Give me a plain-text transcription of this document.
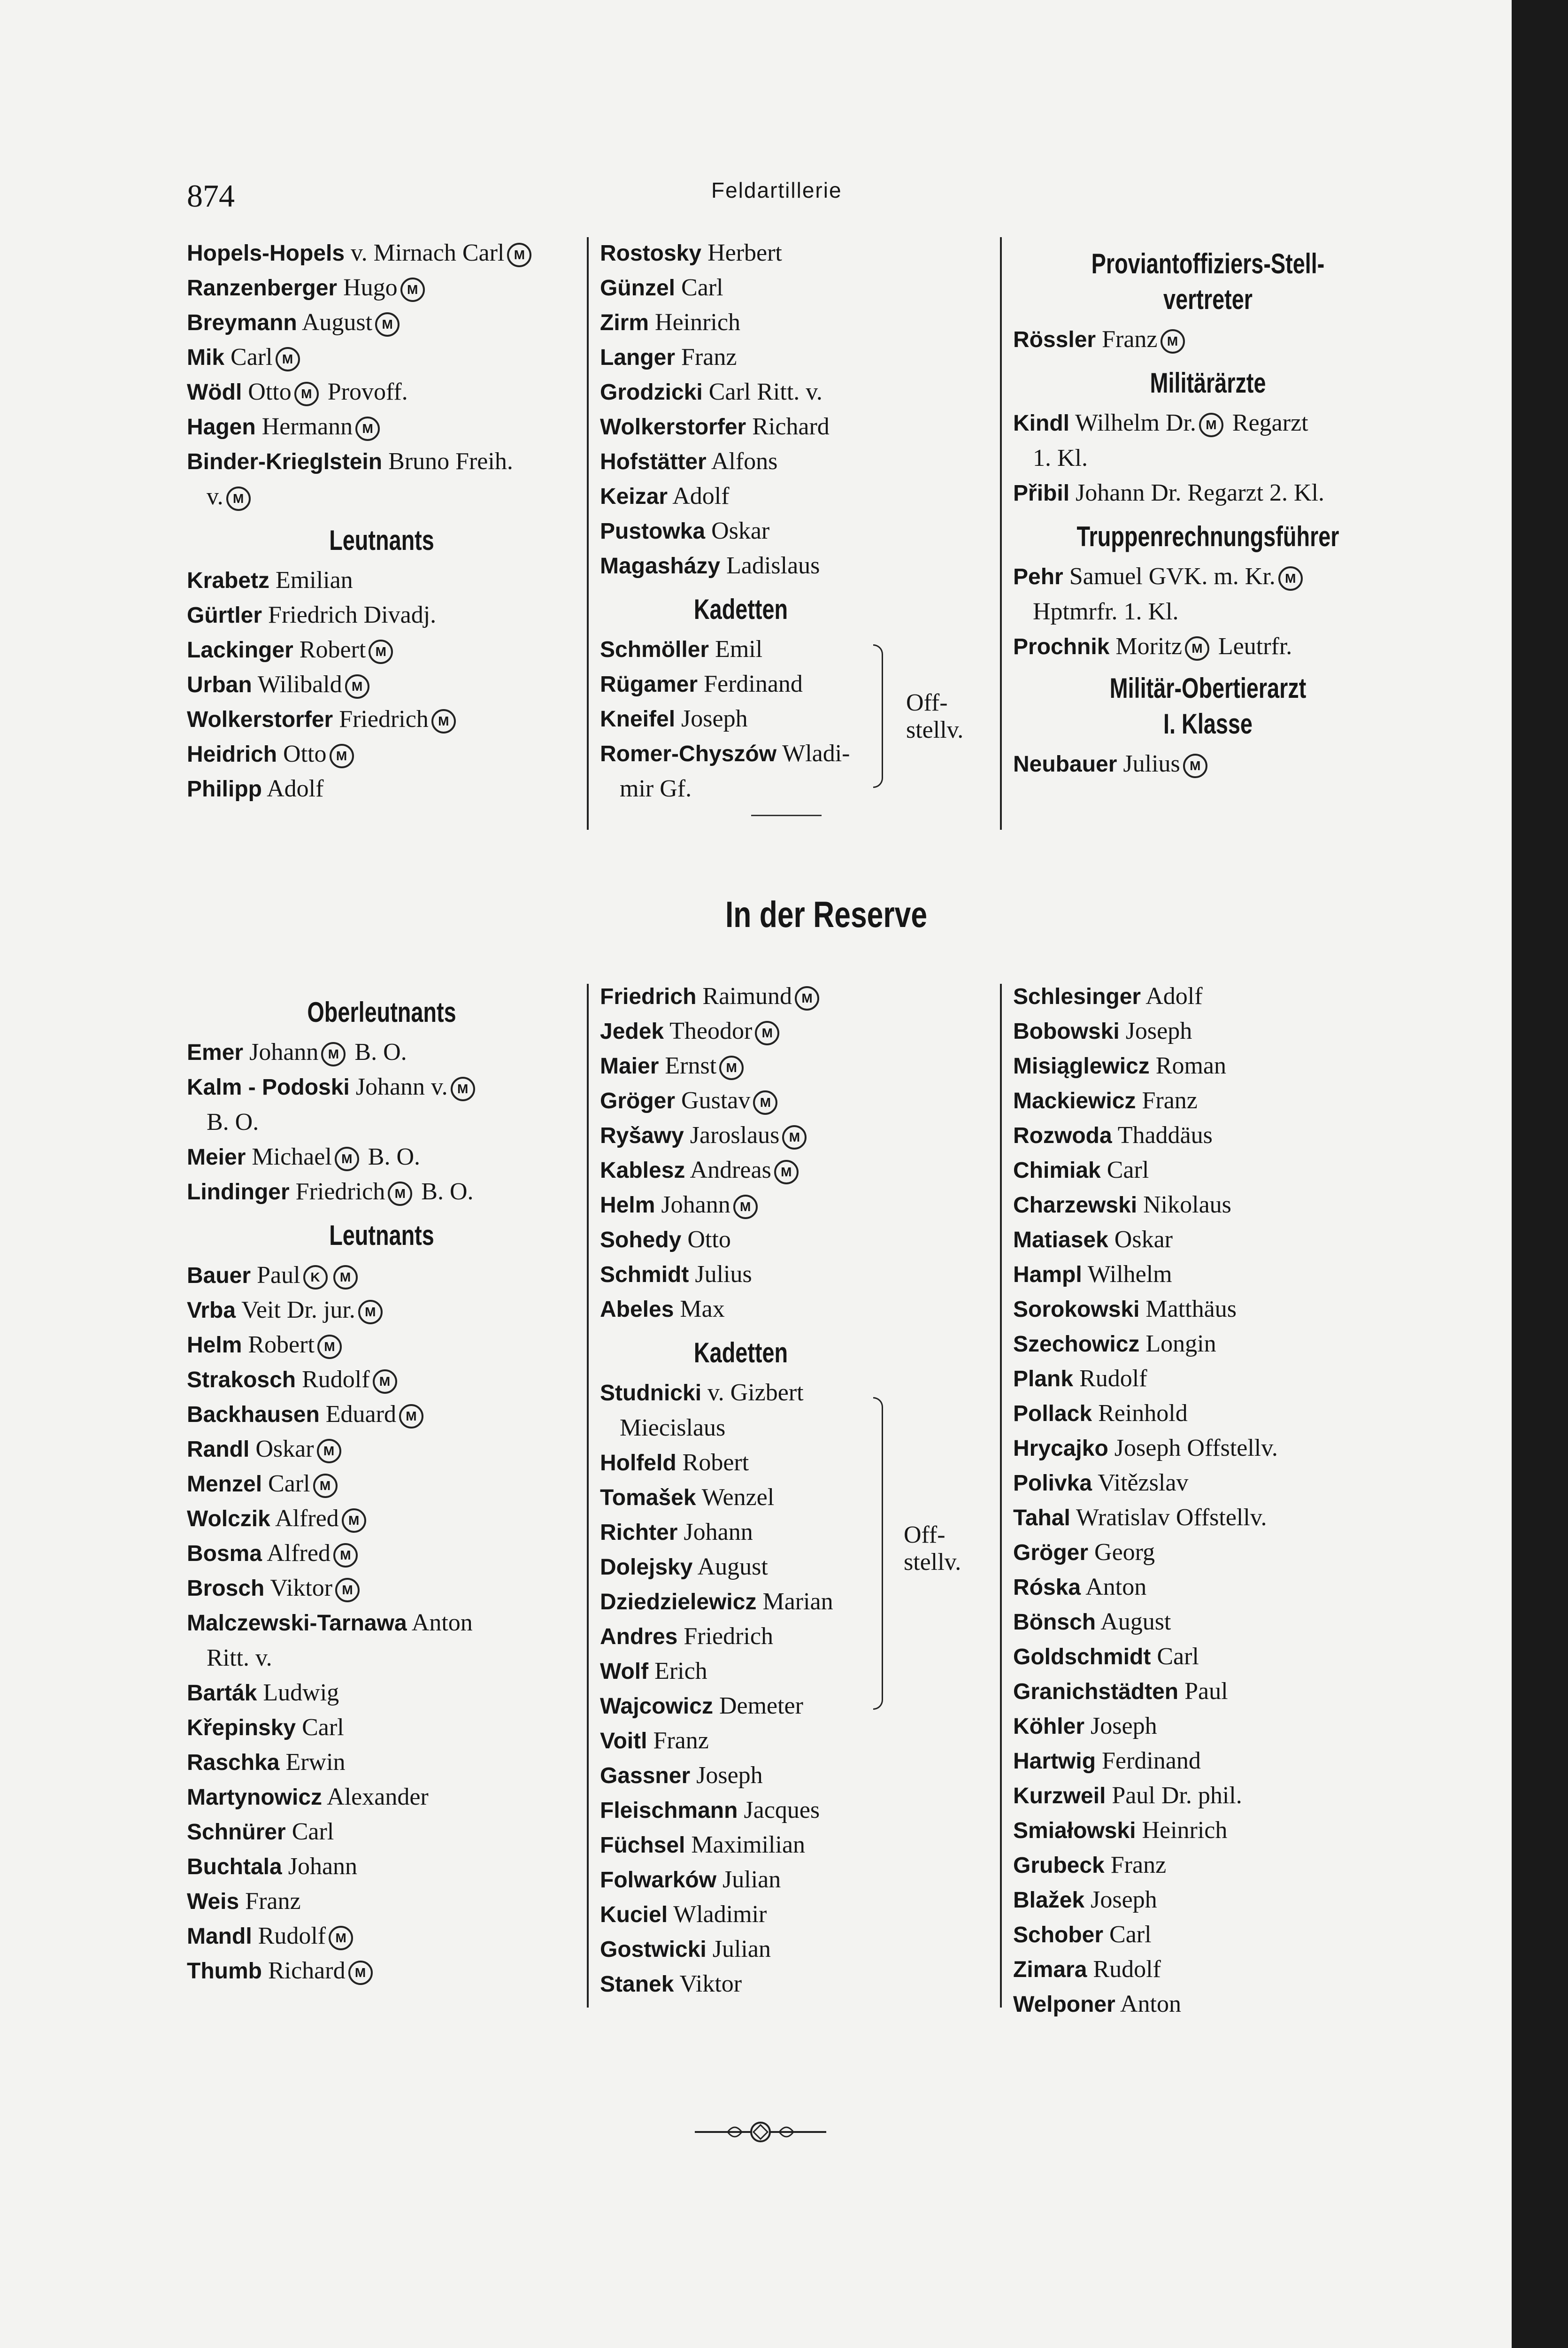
874	Feldartillerie
Hopels-Hopels v. Mirnach Carl M
Ranzenberger Hugo M
Breymann August M
Mik Carl M
Wödl Otto M Provoff.
Hagen Hermann M
Binder-Krieglstein Bruno Freih.
v. M
Leutnants
Krabetz Emilian
Gürtler Friedrich Divadj.
Lackinger Robert M
Urban Wilibald M
Wolkerstorfer Friedrich M
Heidrich Otto M
Philipp Adolf
Rostosky Herbert
Günzel Carl
Zirm Heinrich
Langer Franz
Grodzicki Carl Ritt. v.
Wolkerstorfer Richard
Hofstätter Alfons
Keizar Adolf
Pustowka Oskar
Magasházy Ladislaus
Kadetten
Schmöller Emil
Rügamer Ferdinand
Kneifel Joseph
Romer-Chyszów Wladi-
mir Gf.
Proviantoffiziers-Stell-
vertreter
Rössler Franz M
Militärärzte
Kindl Wilhelm Dr. M Regarzt
1. Kl.
Přibil Johann Dr. Regarzt 2. Kl.
Truppenrechnungsführer
Pehr Samuel GVK. m. Kr. M
Hptmrfr. 1. Kl.
Prochnik Moritz M Leutrfr.
Militär-Obertierarzt
I. Klasse
Neubauer Julius M
Off-
stellv.
In der Reserve
Oberleutnants
Emer Johann M B. O.
Kalm - Podoski Johann v. M
B. O.
Meier Michael M B. O.
Lindinger Friedrich M B. O.
Leutnants
Bauer Paul K M
Vrba Veit Dr. jur. M
Helm Robert M
Strakosch Rudolf M
Backhausen Eduard M
Randl Oskar M
Menzel Carl M
Wolczik Alfred M
Bosma Alfred M
Brosch Viktor M
Malczewski-Tarnawa Anton
Ritt. v.
Barták Ludwig
Křepinsky Carl
Raschka Erwin
Martynowicz Alexander
Schnürer Carl
Buchtala Johann
Weis Franz
Mandl Rudolf M
Thumb Richard M
Friedrich Raimund M
Jedek Theodor M
Maier Ernst M
Gröger Gustav M
Ryšawy Jaroslaus M
Kablesz Andreas M
Helm Johann M
Sohedy Otto
Schmidt Julius
Abeles Max
Kadetten
Studnicki v. Gizbert
Miecislaus
Holfeld Robert
Tomašek Wenzel
Richter Johann
Dolejsky August
Dziedzielewicz Marian
Andres Friedrich
Wolf Erich
Wajcowicz Demeter
Voitl Franz
Gassner Joseph
Fleischmann Jacques
Füchsel Maximilian
Folwarków Julian
Kuciel Wladimir
Gostwicki Julian
Stanek Viktor
Schlesinger Adolf
Bobowski Joseph
Misiąglewicz Roman
Mackiewicz Franz
Rozwoda Thaddäus
Chimiak Carl
Charzewski Nikolaus
Matiasek Oskar
Hampl Wilhelm
Sorokowski Matthäus
Szechowicz Longin
Plank Rudolf
Pollack Reinhold
Hrycajko Joseph Offstellv.
Polivka Vitězslav
Tahal Wratislav Offstellv.
Gröger Georg
Róska Anton
Bönsch August
Goldschmidt Carl
Granichstädten Paul
Köhler Joseph
Hartwig Ferdinand
Kurzweil Paul Dr. phil.
Smiałowski Heinrich
Grubeck Franz
Blažek Joseph
Schober Carl
Zimara Rudolf
Welponer Anton
Off-
stellv.
